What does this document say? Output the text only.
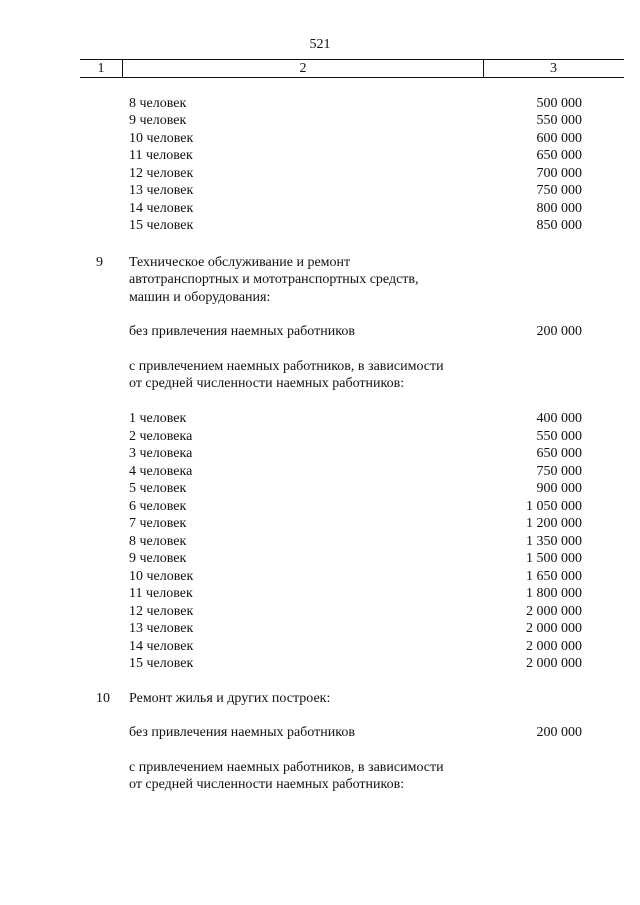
521
1	2	3
8 человек	500 000
9 человек	550 000
10 человек	600 000
11 человек	650 000
12 человек	700 000
13 человек	750 000
14 человек	800 000
15 человек	850 000
9 Техническое обслуживание и ремонт
автотранспортных и мототранспортных средств,
машин и оборудования:
без привлечения наемных работников	200 000
с привлечением наемных работников, в зависимости
от средней численности наемных работников:
1 человек	400 000
2 человека	550 000
3 человека	650 000
4 человека	750 000
5 человек	900 000
6 человек	1 050 000
7 человек	1 200 000
8 человек	1 350 000
9 человек	1 500 000
10 человек	1 650 000
11 человек	1 800 000
12 человек	2 000 000
13 человек	2 000 000
14 человек	2 000 000
15 человек	2 000 000
10 Ремонт жилья и других построек:
без привлечения наемных работников	200 000
с привлечением наемных работников, в зависимости
от средней численности наемных работников:
